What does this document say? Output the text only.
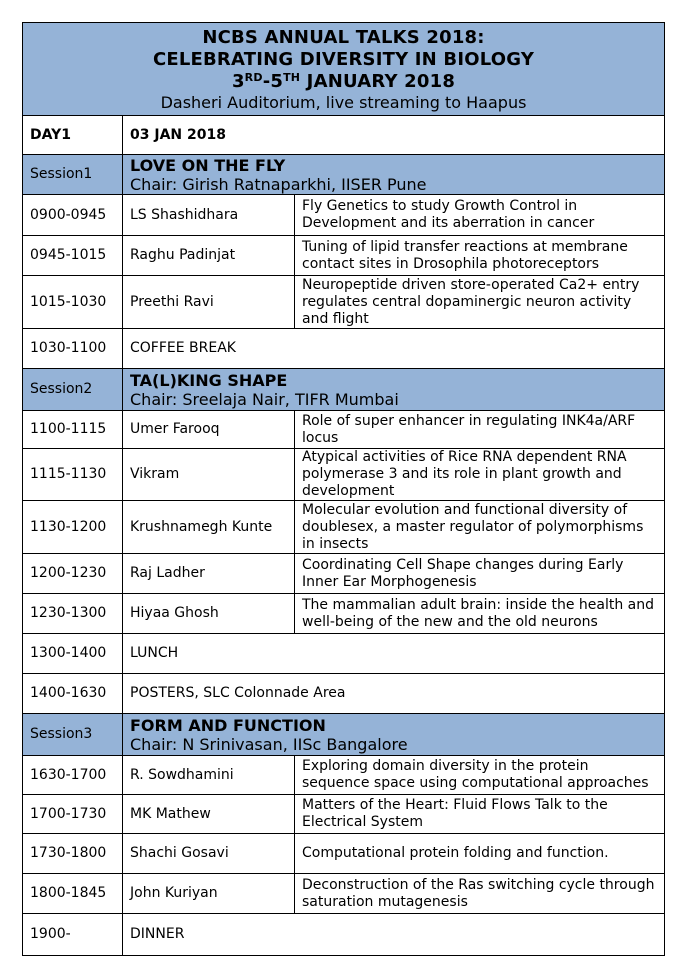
NCBS ANNUAL TALKS 2018:
CELEBRATING DIVERSITY IN BIOLOGY
3RD-5TH JANUARY 2018
Dasheri Auditorium, live streaming to Haapus		

DAY1	03 JAN 2018	
Session1	LOVE ON THE FLY
Chair: Girish Ratnaparkhi, IISER Pune	

0900-0945	LS Shashidhara	Fly Genetics to study Growth Control in Development and its aberration in cancer
0945-1015	Raghu Padinjat	Tuning of lipid transfer reactions at membrane contact sites in Drosophila photoreceptors
1015-1030	Preethi Ravi	Neuropeptide driven store-operated Ca2+ entry regulates central dopaminergic neuron activity and flight
1030-1100	COFFEE BREAK	
Session2	TA(L)KING SHAPE
Chair: Sreelaja Nair, TIFR Mumbai	

1100-1115	Umer Farooq	Role of super enhancer in regulating INK4a/ARF locus
1115-1130	Vikram	Atypical activities of Rice RNA dependent RNA polymerase 3 and its role in plant growth and development
1130-1200	Krushnamegh Kunte	Molecular evolution and functional diversity of doublesex, a master regulator of polymorphisms in insects
1200-1230	Raj Ladher	Coordinating Cell Shape changes during Early Inner Ear Morphogenesis
1230-1300	Hiyaa Ghosh	The mammalian adult brain: inside the health and well-being of the new and the old neurons
1300-1400	LUNCH	
1400-1630	POSTERS, SLC Colonnade Area	
Session3	FORM AND FUNCTION
Chair: N Srinivasan, IISc Bangalore	

1630-1700	R. Sowdhamini	Exploring domain diversity in the protein sequence space using computational approaches
1700-1730	MK Mathew	Matters of the Heart: Fluid Flows Talk to the Electrical System
1730-1800	Shachi Gosavi	Computational protein folding and function.
1800-1845	John Kuriyan	Deconstruction of the Ras switching cycle through saturation mutagenesis
1900-	DINNER	
